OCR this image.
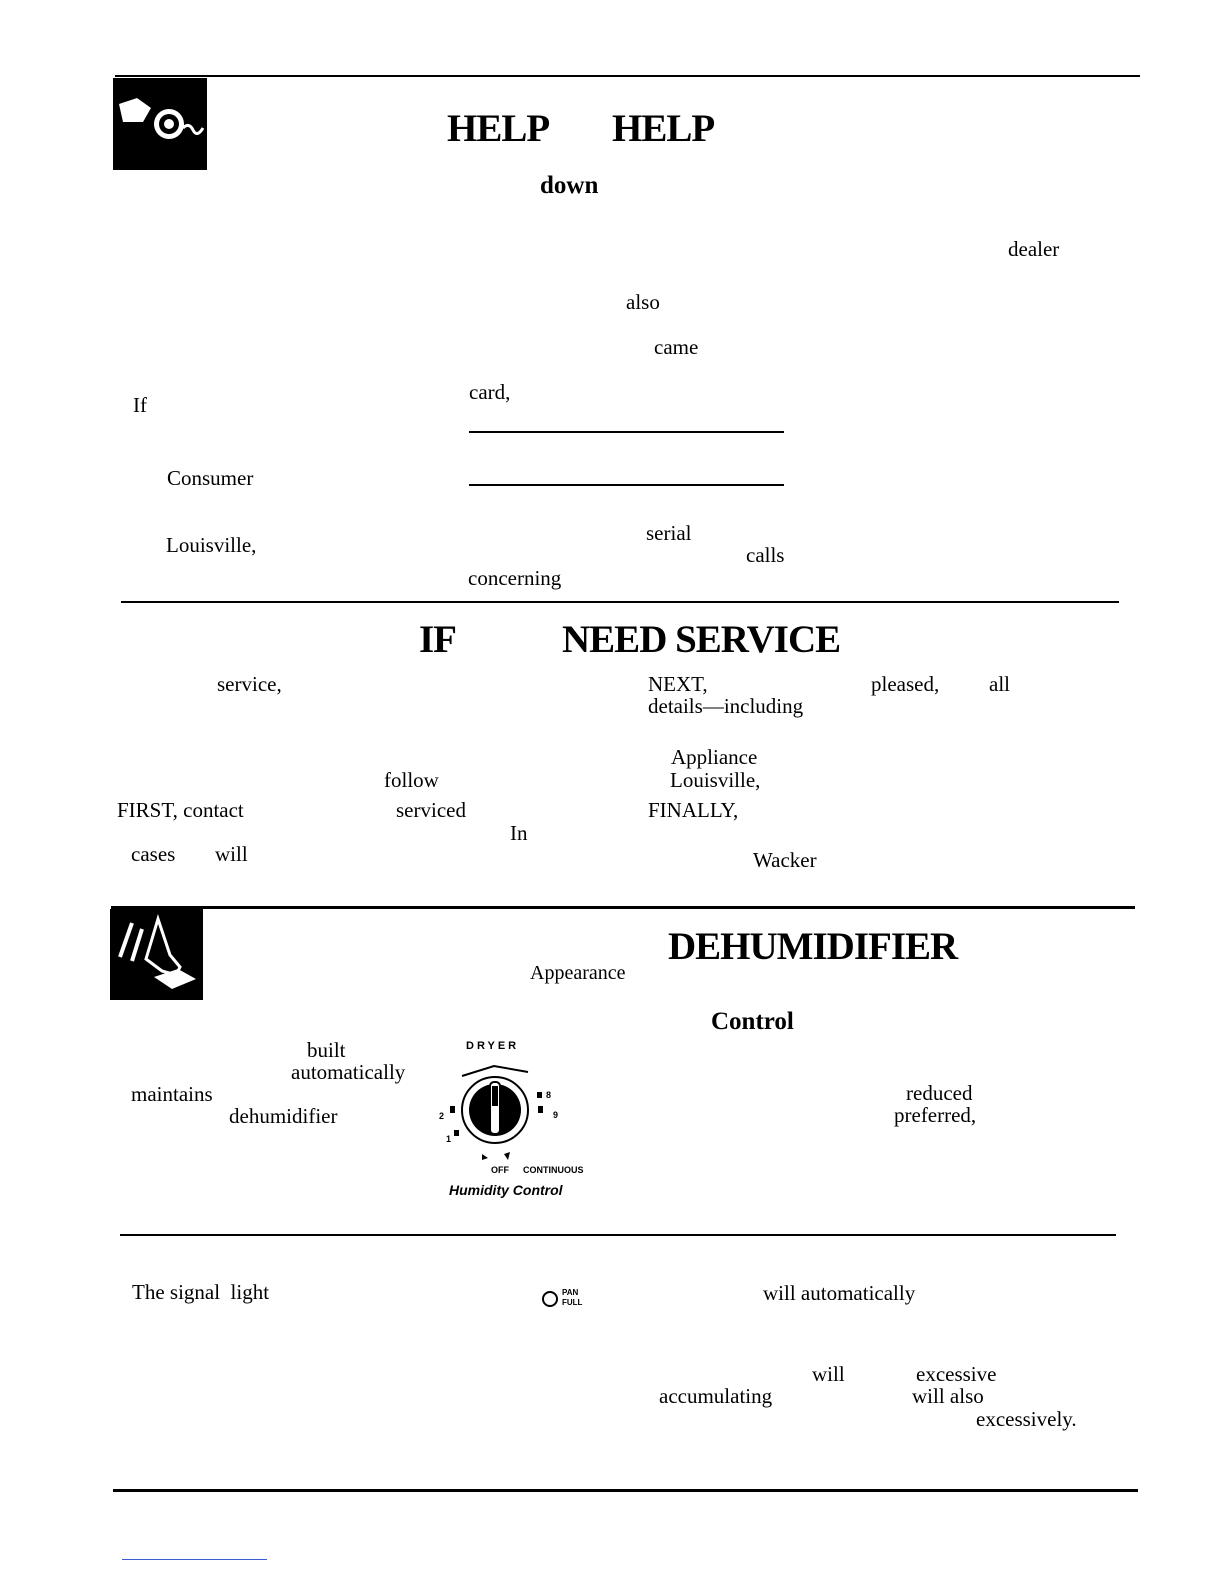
HELP HELP
down
dealer
also
came
card,
If
Consumer
serial
Louisville,	calls
concerning
IF	NEED SERVICE
service,	NEXT,	pleased, all
details—including
Appliance
follow	Louisville,
FIRST, contact	serviced	FINALLY,
In
cases will	Wacker
DEHUMIDIFIER
Appearance
Control
built
automatically
maintains
dehumidifier
reduced
preferred,
DRYER
2
1
8
9
OFF CONTINUOUS
Humidity Control
The signal  light	PAN
FULL	will automatically
will	excessive
accumulating	will also
excessively.
